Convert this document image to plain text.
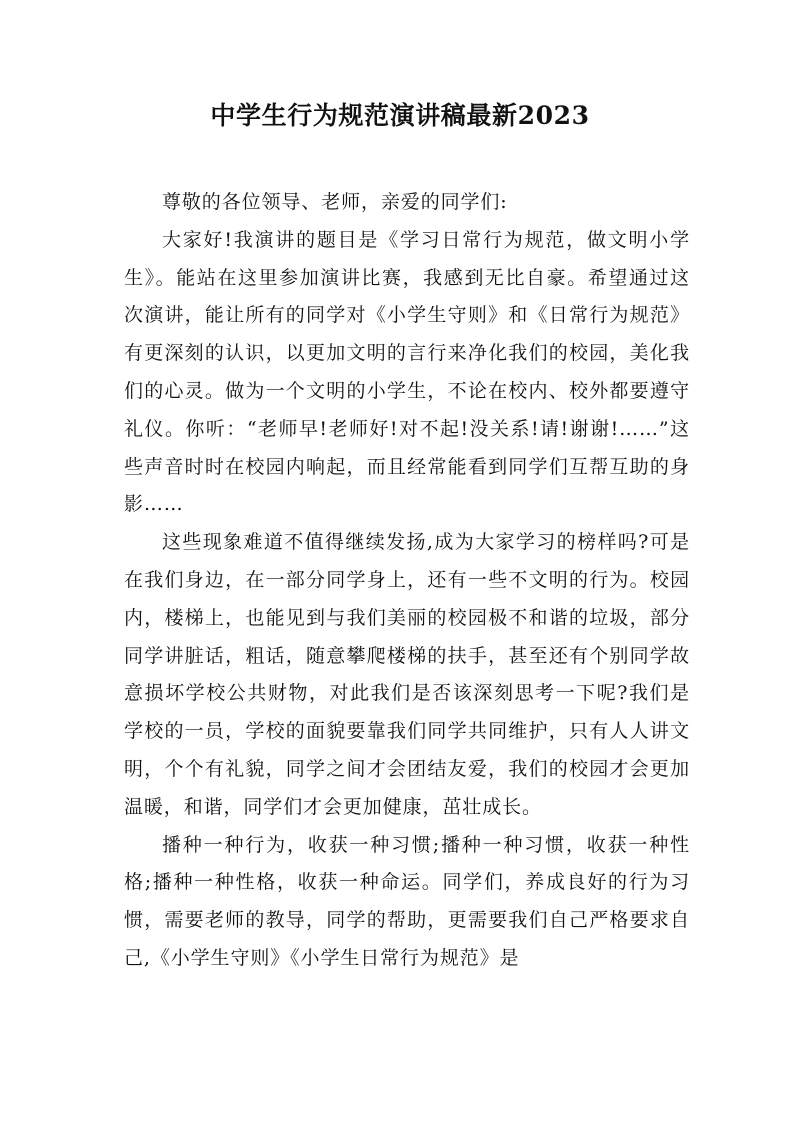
中学生行为规范演讲稿最新2023

尊敬的各位领导、老师，亲爱的同学们:

大家好!我演讲的题目是《学习日常行为规范，做文明小学生》。能站在这里参加演讲比赛，我感到无比自豪。希望通过这次演讲，能让所有的同学对《小学生守则》和《日常行为规范》有更深刻的认识，以更加文明的言行来净化我们的校园，美化我们的心灵。做为一个文明的小学生，不论在校内、校外都要遵守礼仪。你听：“老师早!老师好!对不起!没关系!请!谢谢!……”这些声音时时在校园内响起，而且经常能看到同学们互帮互助的身影……

这些现象难道不值得继续发扬,成为大家学习的榜样吗?可是在我们身边，在一部分同学身上，还有一些不文明的行为。校园内，楼梯上，也能见到与我们美丽的校园极不和谐的垃圾，部分同学讲脏话，粗话，随意攀爬楼梯的扶手，甚至还有个别同学故意损坏学校公共财物，对此我们是否该深刻思考一下呢?我们是学校的一员，学校的面貌要靠我们同学共同维护，只有人人讲文明，个个有礼貌，同学之间才会团结友爱，我们的校园才会更加温暖，和谐，同学们才会更加健康，茁壮成长。

播种一种行为，收获一种习惯;播种一种习惯，收获一种性格;播种一种性格，收获一种命运。同学们，养成良好的行为习惯，需要老师的教导，同学的帮助，更需要我们自己严格要求自己,《小学生守则》《小学生日常行为规范》是
